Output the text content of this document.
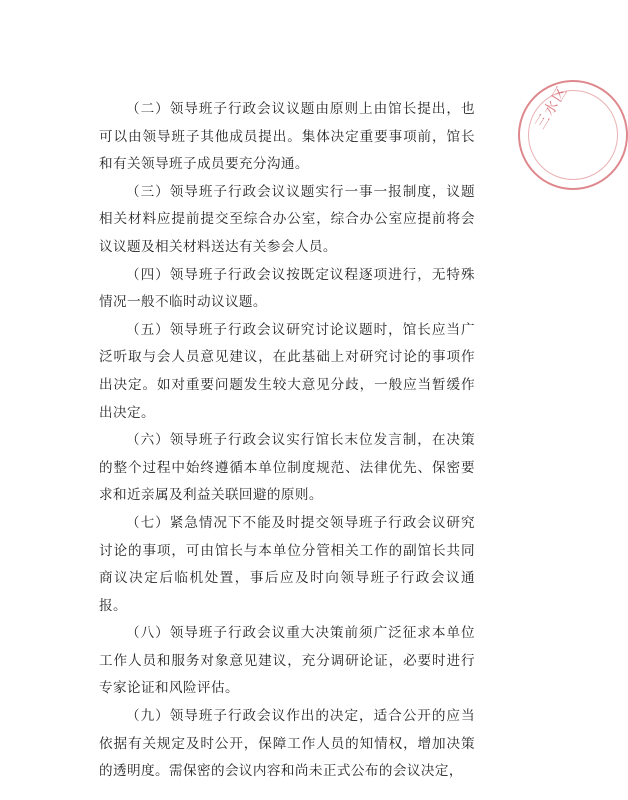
三水区

（二）领导班子行政会议议题由原则上由馆长提出，也可以由领导班子其他成员提出。集体决定重要事项前，馆长和有关领导班子成员要充分沟通。

（三）领导班子行政会议议题实行一事一报制度，议题相关材料应提前提交至综合办公室，综合办公室应提前将会议议题及相关材料送达有关参会人员。

（四）领导班子行政会议按既定议程逐项进行，无特殊情况一般不临时动议议题。

（五）领导班子行政会议研究讨论议题时，馆长应当广泛听取与会人员意见建议，在此基础上对研究讨论的事项作出决定。如对重要问题发生较大意见分歧，一般应当暂缓作出决定。

（六）领导班子行政会议实行馆长末位发言制，在决策的整个过程中始终遵循本单位制度规范、法律优先、保密要求和近亲属及利益关联回避的原则。

（七）紧急情况下不能及时提交领导班子行政会议研究讨论的事项，可由馆长与本单位分管相关工作的副馆长共同商议决定后临机处置，事后应及时向领导班子行政会议通报。

（八）领导班子行政会议重大决策前须广泛征求本单位工作人员和服务对象意见建议，充分调研论证，必要时进行专家论证和风险评估。

（九）领导班子行政会议作出的决定，适合公开的应当依据有关规定及时公开，保障工作人员的知情权，增加决策的透明度。需保密的会议内容和尚未正式公布的会议决定，
